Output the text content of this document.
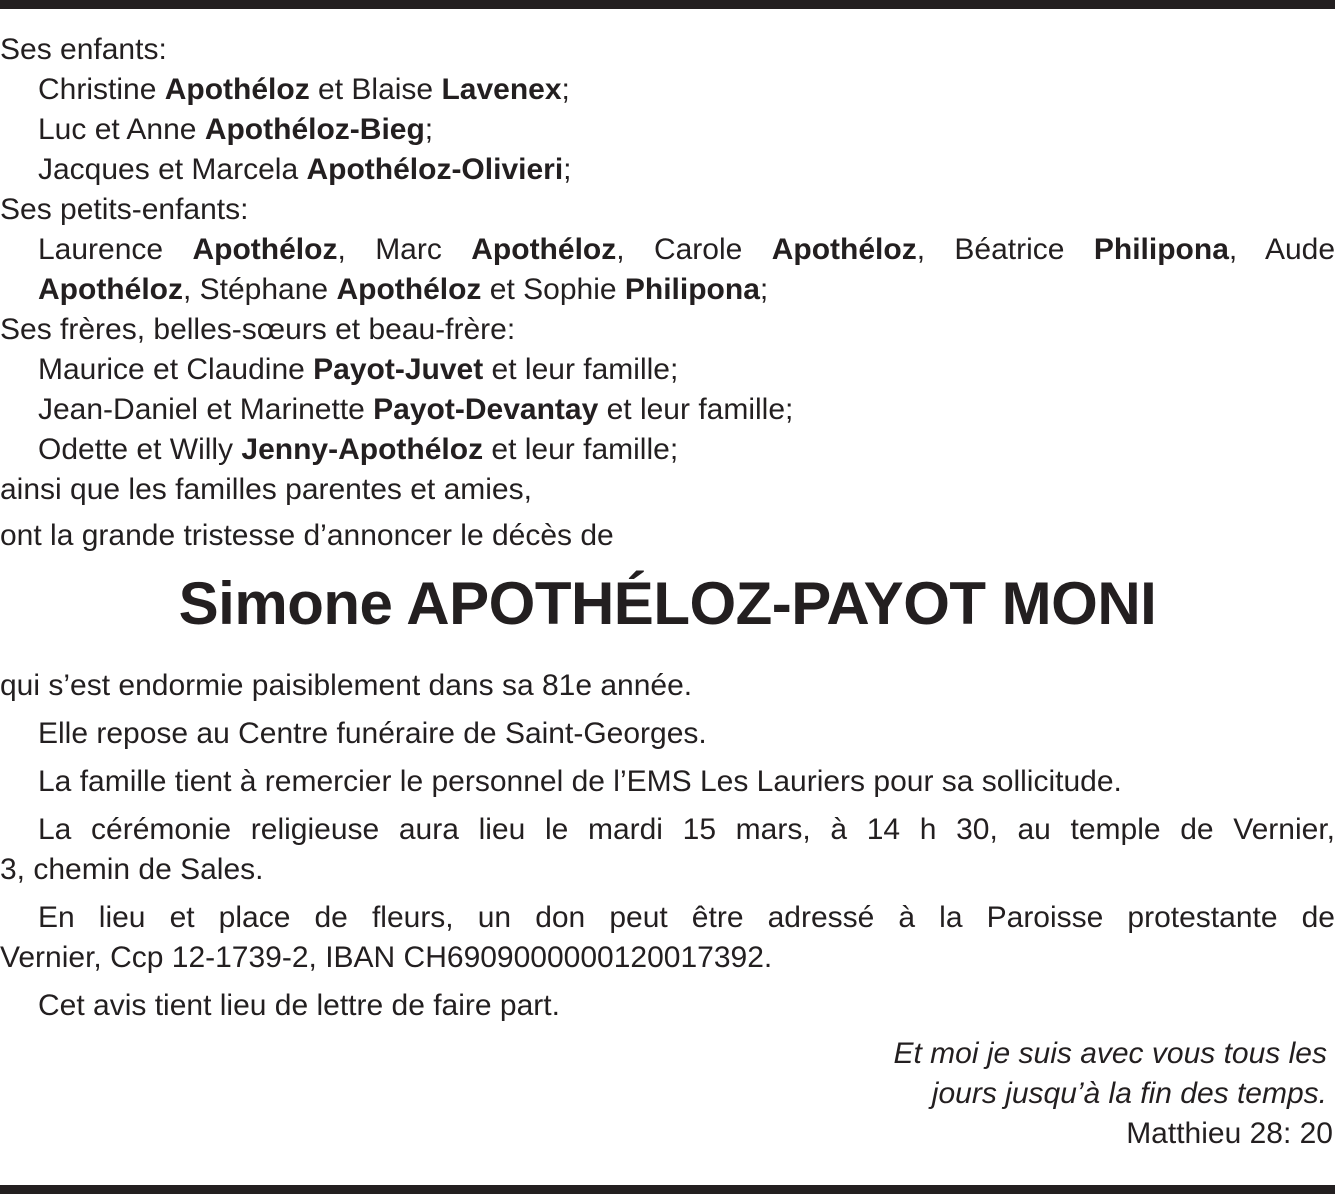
Ses enfants:
Christine Apothéloz et Blaise Lavenex;
Luc et Anne Apothéloz-Bieg;
Jacques et Marcela Apothéloz-Olivieri;
Ses petits-enfants:
Laurence Apothéloz, Marc Apothéloz, Carole Apothéloz, Béatrice Philipona, Aude
Apothéloz, Stéphane Apothéloz et Sophie Philipona;
Ses frères, belles-sœurs et beau-frère:
Maurice et Claudine Payot-Juvet et leur famille;
Jean-Daniel et Marinette Payot-Devantay et leur famille;
Odette et Willy Jenny-Apothéloz et leur famille;
ainsi que les familles parentes et amies,
ont la grande tristesse d’annoncer le décès de
Simone APOTHÉLOZ-PAYOT MONI
qui s’est endormie paisiblement dans sa 81e année.
Elle repose au Centre funéraire de Saint-Georges.
La famille tient à remercier le personnel de l’EMS Les Lauriers pour sa sollicitude.
La cérémonie religieuse aura lieu le mardi 15 mars, à 14 h 30, au temple de Vernier,
3, chemin de Sales.
En lieu et place de fleurs, un don peut être adressé à la Paroisse protestante de
Vernier, Ccp 12-1739-2, IBAN CH6909000000120017392.
Cet avis tient lieu de lettre de faire part.
Et moi je suis avec vous tous les
jours jusqu’à la fin des temps.
Matthieu 28: 20
